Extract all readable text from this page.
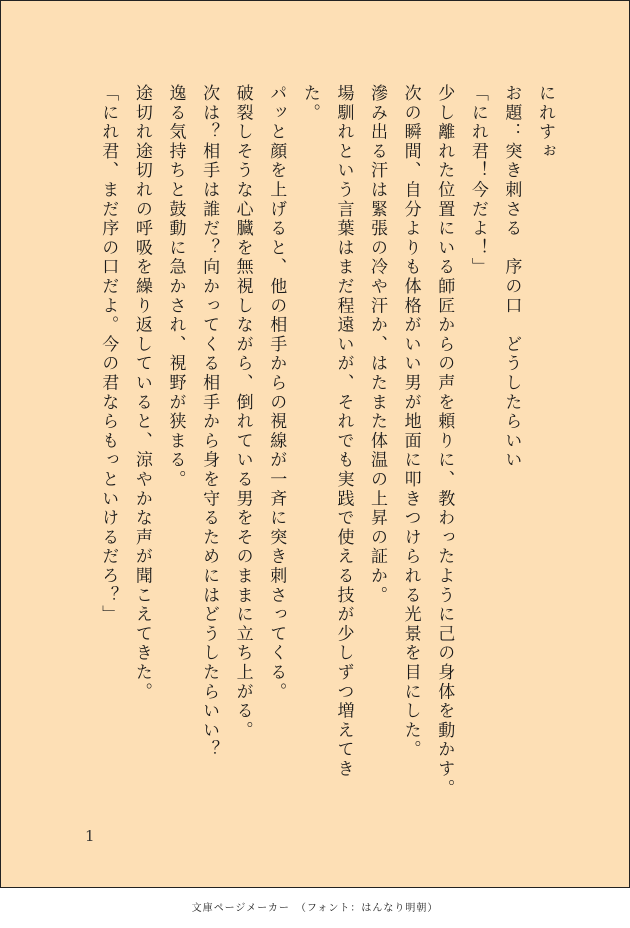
にれすぉ
お題：突き刺さる　序の口　どうしたらいい
「にれ君！今だよ！」
少し離れた位置にいる師匠からの声を頼りに、教わったように己の身体を動かす。
次の瞬間、自分よりも体格がいい男が地面に叩きつけられる光景を目にした。
滲み出る汗は緊張の冷や汗か、はたまた体温の上昇の証か。
場馴れという言葉はまだ程遠いが、それでも実践で使える技が少しずつ増えてき
た。
パッと顔を上げると、他の相手からの視線が一斉に突き刺さってくる。
破裂しそうな心臓を無視しながら、倒れている男をそのままに立ち上がる。
次は？相手は誰だ？向かってくる相手から身を守るためにはどうしたらいい？
逸る気持ちと鼓動に急かされ、視野が狭まる。
途切れ途切れの呼吸を繰り返していると、涼やかな声が聞こえてきた。
「にれ君、まだ序の口だよ。今の君ならもっといけるだろ？」
1
文庫ページメーカー　（フォント：はんなり明朝）
